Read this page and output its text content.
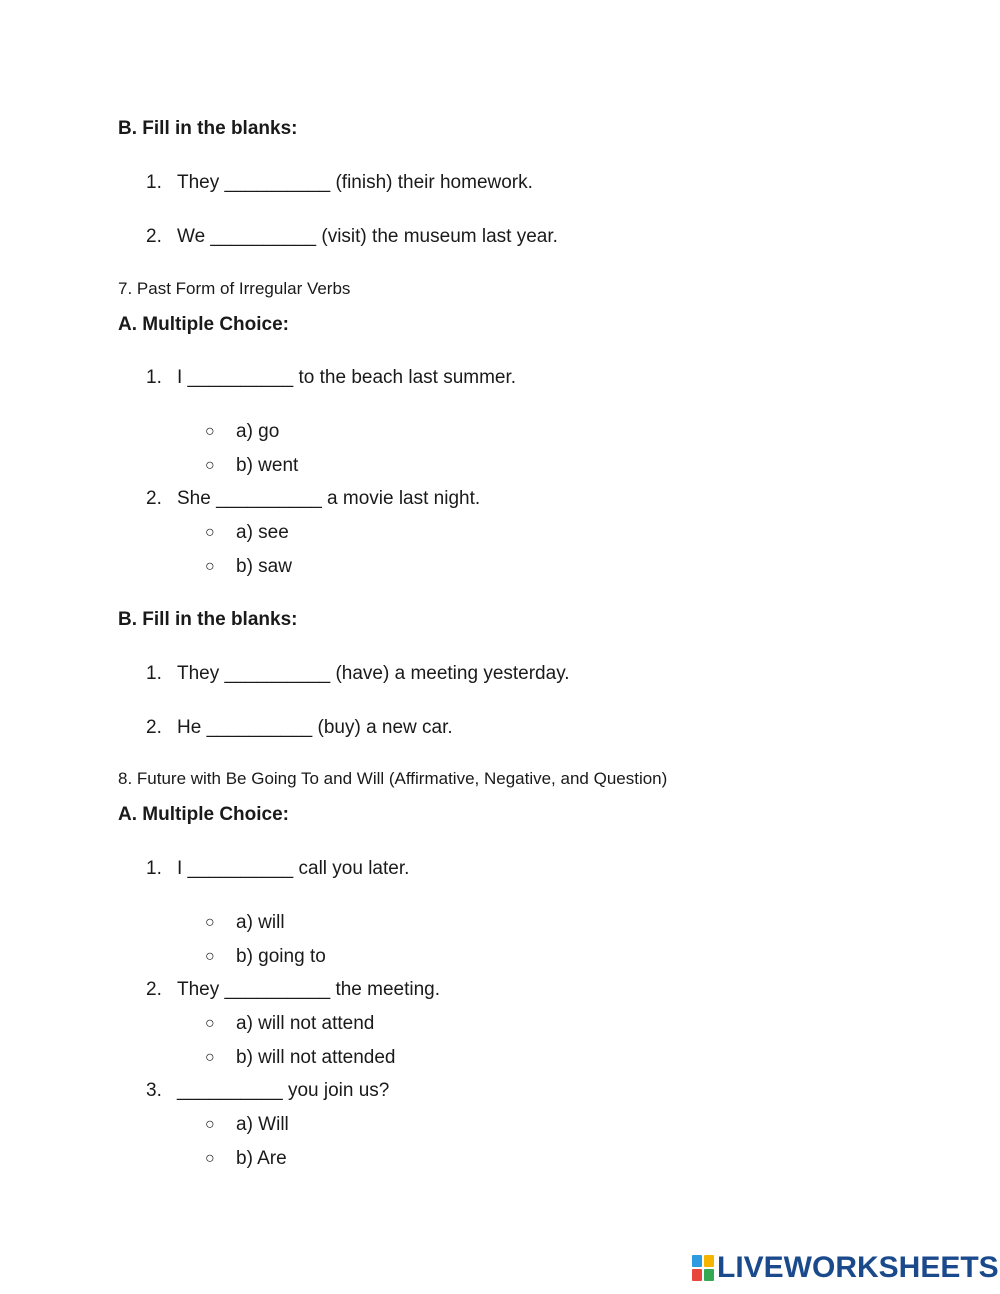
B. Fill in the blanks:
1. They __________ (finish) their homework.
2. We __________ (visit) the museum last year.
7. Past Form of Irregular Verbs
A. Multiple Choice:
1. I __________ to the beach last summer.
○ a) go
○ b) went
2. She __________ a movie last night.
○ a) see
○ b) saw
B. Fill in the blanks:
1. They __________ (have) a meeting yesterday.
2. He __________ (buy) a new car.
8. Future with Be Going To and Will (Affirmative, Negative, and Question)
A. Multiple Choice:
1. I __________ call you later.
○ a) will
○ b) going to
2. They __________ the meeting.
○ a) will not attend
○ b) will not attended
3. __________ you join us?
○ a) Will
○ b) Are
LIVEWORKSHEETS
